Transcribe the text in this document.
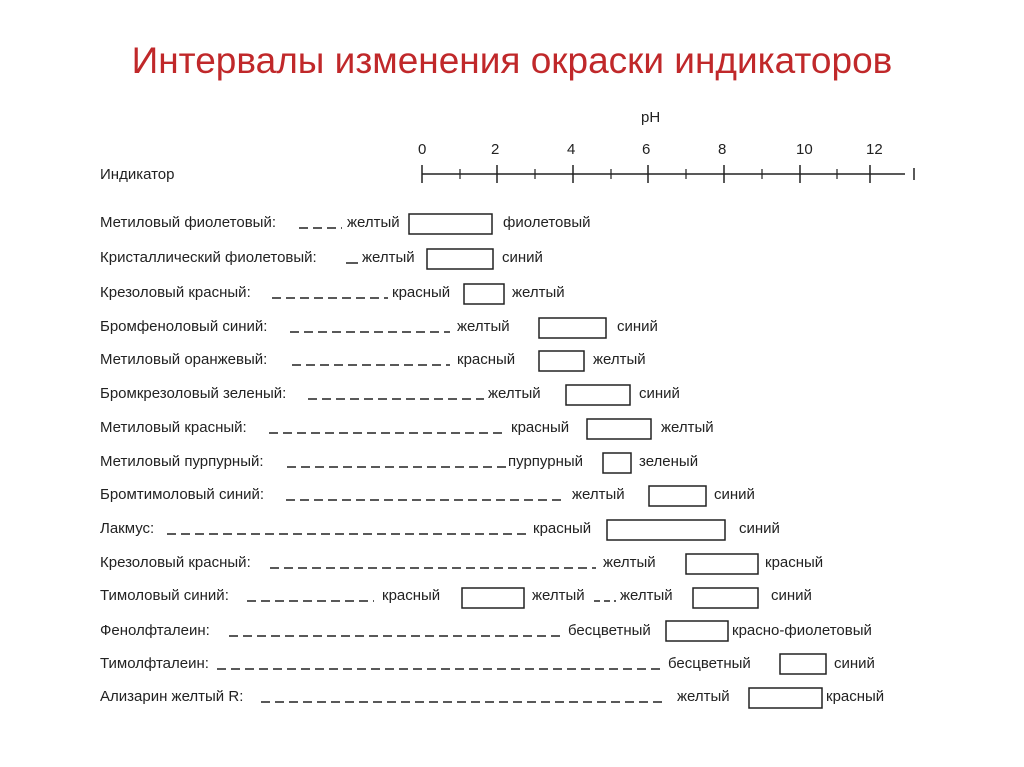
Интервалы изменения окраски индикаторов
pH
Индикатор
0	2	4	6	8	10	12
Метиловый фиолетовый:	желтый	фиолетовый
Кристаллический фиолетовый:	желтый	синий
Крезоловый красный:	красный	желтый
Бромфеноловый синий:	желтый	синий
Метиловый оранжевый:	красный	желтый
Бромкрезоловый зеленый:	желтый	синий
Метиловый красный:	красный	желтый
Метиловый пурпурный:	пурпурный	зеленый
Бромтимоловый синий:	желтый	синий
Лакмус:	красный	синий
Крезоловый красный:	желтый	красный
Тимоловый синий:	красный	желтый желтый	синий
Фенолфталеин:	бесцветный	красно-фиолетовый
Тимолфталеин:	бесцветный	синий
Ализарин желтый R:	желтый	красный
